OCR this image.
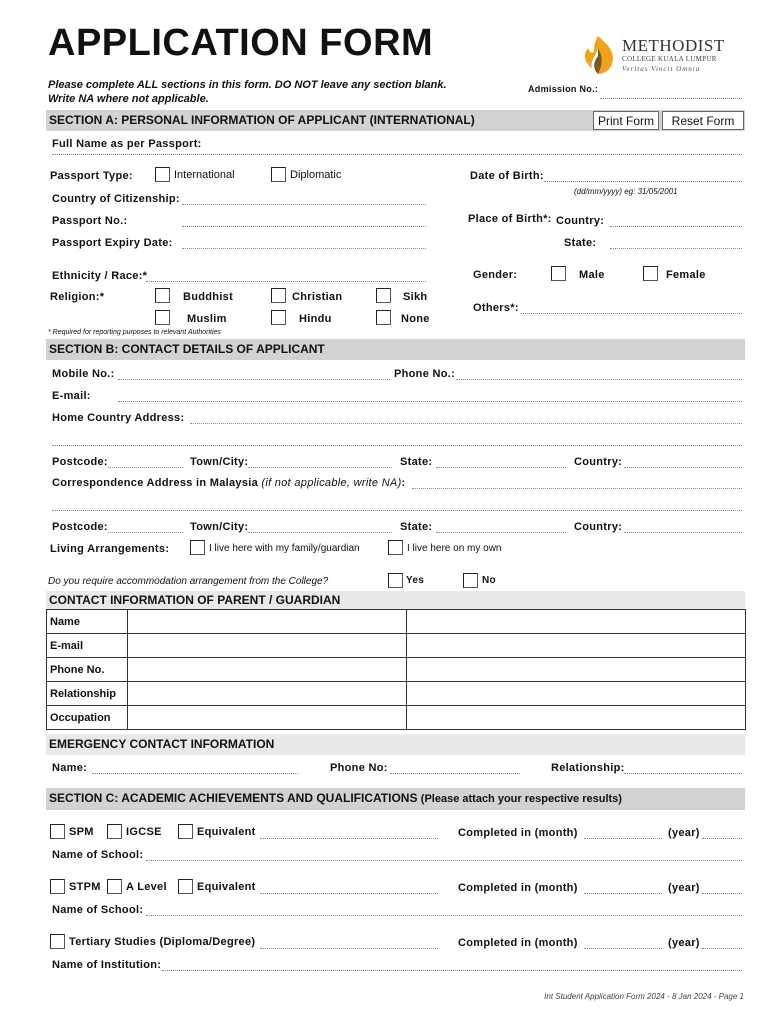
APPLICATION FORM
Please complete ALL sections in this form. DO NOT leave any section blank.
Write NA where not applicable.
METHODIST
COLLEGE KUALA LUMPUR
Veritas Vincit Omnia
Admission No.:
SECTION A: PERSONAL INFORMATION OF APPLICANT (INTERNATIONAL)	Print Form	Reset Form
Full Name as per Passport:
Passport Type:	International	Diplomatic	Date of Birth:
(dd/mm/yyyy) eg: 31/05/2001
Country of Citizenship:
Passport No.:	Place of Birth*: Country:
Passport Expiry Date:	State:
Ethnicity / Race:*	Gender:	Male	Female
Religion:*	Buddhist	Christian	Sikh
Others*:
Muslim	Hindu	None
* Required for reporting purposes to relevant Authorities
SECTION B: CONTACT DETAILS OF APPLICANT
Mobile No.:	Phone No.:
E-mail:
Home Country Address:
Postcode:	Town/City:	State:	Country:
Correspondence Address in Malaysia (if not applicable, write NA):
Postcode:	Town/City:	State:	Country:
Living Arrangements:	I live here with my family/guardian	I live here on my own
Do you require accommodation arrangement from the College?	Yes	No
CONTACT INFORMATION OF PARENT / GUARDIAN
Name		
E-mail		
Phone No.		
Relationship		
Occupation		
EMERGENCY CONTACT INFORMATION
Name:	Phone No:	Relationship:
SECTION C: ACADEMIC ACHIEVEMENTS AND QUALIFICATIONS (Please attach your respective results)
SPM	IGCSE	Equivalent	Completed in (month)	(year)
Name of School:
STPM A Level	Equivalent	Completed in (month)	(year)
Name of School:
Tertiary Studies (Diploma/Degree)	Completed in (month)	(year)
Name of Institution:
Int Student Application Form 2024 - 8 Jan 2024 - Page 1
